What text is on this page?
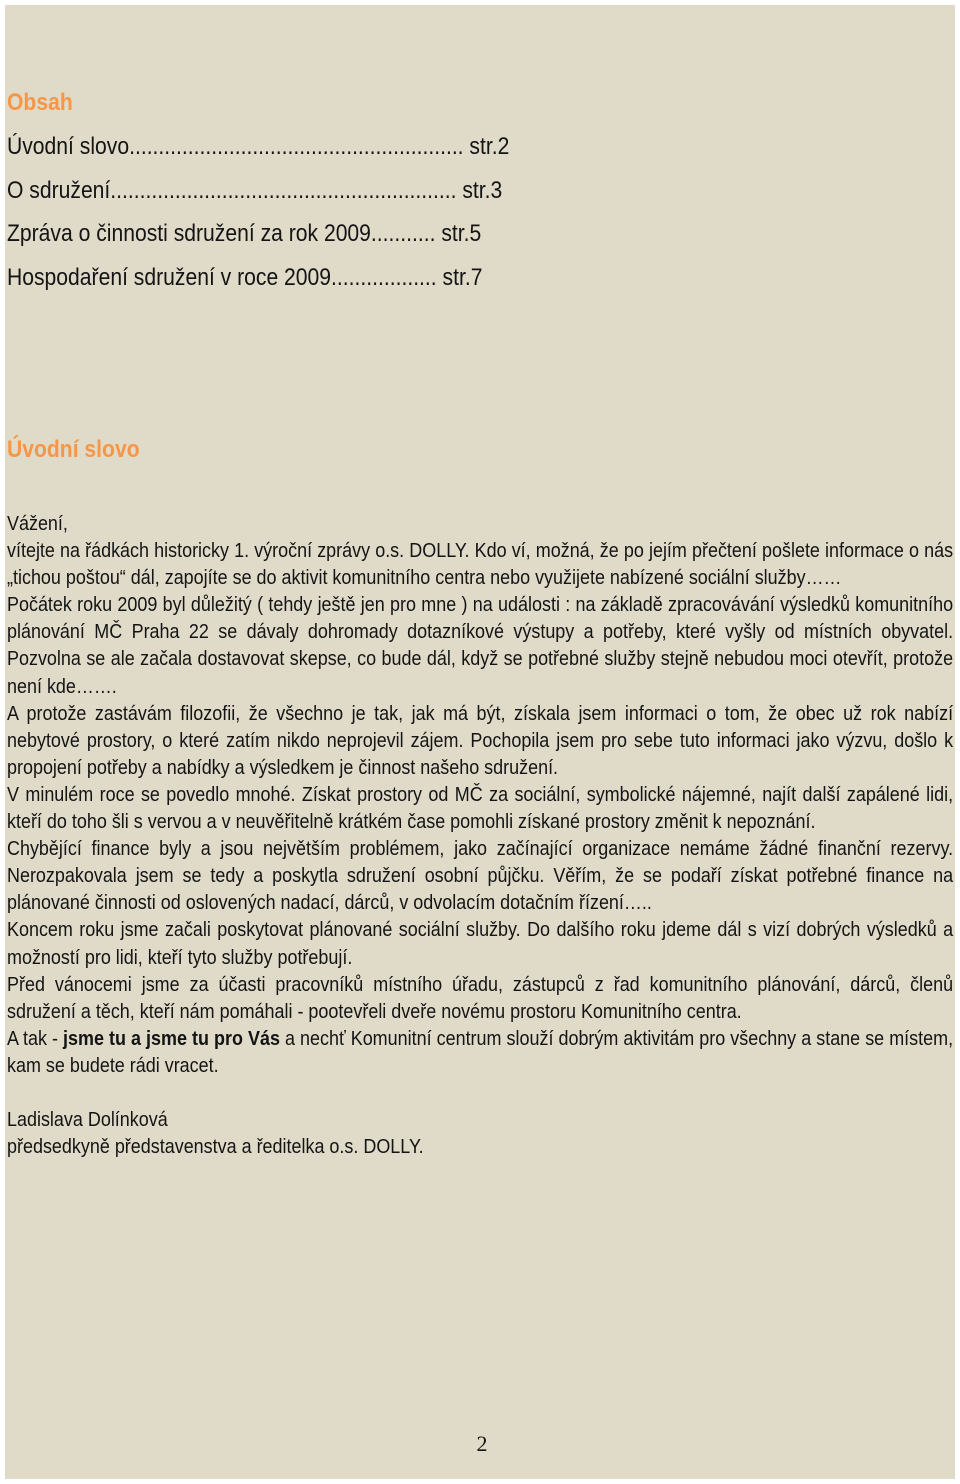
Obsah
Úvodní slovo......................................................... str.2
O sdružení........................................................... str.3
Zpráva o činnosti sdružení za rok 2009........... str.5
Hospodaření sdružení v roce 2009.................. str.7
Úvodní slovo

Vážení,

vítejte na řádkách historicky 1. výroční zprávy o.s. DOLLY. Kdo ví, možná, že po jejím přečtení pošlete informace o nás „tichou poštou“ dál, zapojíte se do aktivit komunitního centra nebo využijete nabízené sociální služby……

Počátek roku 2009 byl důležitý ( tehdy ještě jen pro mne ) na události : na základě zpracovávání výsledků komunitního plánování MČ Praha 22 se dávaly dohromady dotazníkové výstupy a potřeby, které vyšly od místních obyvatel. Pozvolna se ale začala dostavovat skepse, co bude dál, když se potřebné služby stejně nebudou moci otevřít, protože není kde…….

A protože zastávám filozofii, že všechno je tak, jak má být, získala jsem informaci o tom, že obec už rok nabízí nebytové prostory, o které zatím nikdo neprojevil zájem. Pochopila jsem pro sebe tuto informaci jako výzvu, došlo k propojení potřeby a nabídky a výsledkem je činnost našeho sdružení.

V minulém roce se povedlo mnohé. Získat prostory od MČ za sociální, symbolické nájemné, najít další zapálené lidi, kteří do toho šli s vervou a v neuvěřitelně krátkém čase pomohli získané prostory změnit k nepoznání.

Chybějící finance byly a jsou největším problémem, jako začínající organizace nemáme žádné finanční rezervy. Nerozpakovala jsem se tedy a poskytla sdružení osobní půjčku. Věřím, že se podaří získat potřebné finance na plánované činnosti od oslovených nadací, dárců, v odvolacím dotačním řízení…..

Koncem roku jsme začali poskytovat plánované sociální služby. Do dalšího roku jdeme dál s vizí dobrých výsledků a možností pro lidi, kteří tyto služby potřebují.

Před vánocemi jsme za účasti pracovníků místního úřadu, zástupců z řad komunitního plánování, dárců, členů sdružení a těch, kteří nám pomáhali - pootevřeli dveře novému prostoru Komunitního centra.

A tak - jsme tu a jsme tu pro Vás a nechť Komunitní centrum slouží dobrým aktivitám pro všechny a stane se místem, kam se budete rádi vracet.

Ladislava Dolínková

předsedkyně představenstva a ředitelka o.s. DOLLY.

2
